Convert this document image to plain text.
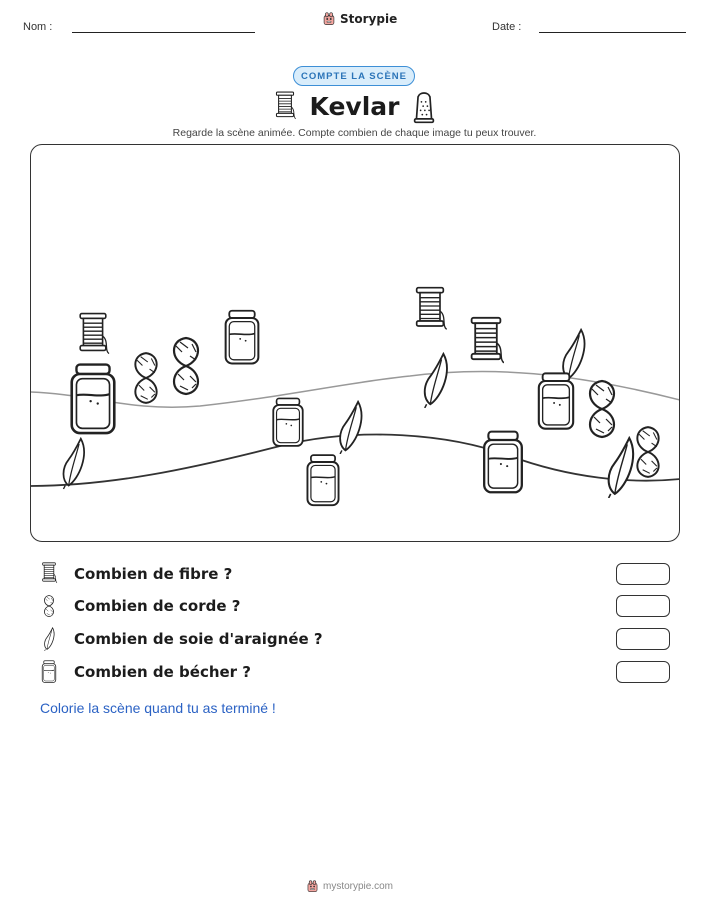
Nom :
Storypie
Date :
COMPTE LA SCÈNE
Kevlar
Regarde la scène animée. Compte combien de chaque image tu peux trouver.
Combien de fibre ?
Combien de corde ?
Combien de soie d'araignée ?
Combien de bécher ?
Colorie la scène quand tu as terminé !
mystorypie.com
